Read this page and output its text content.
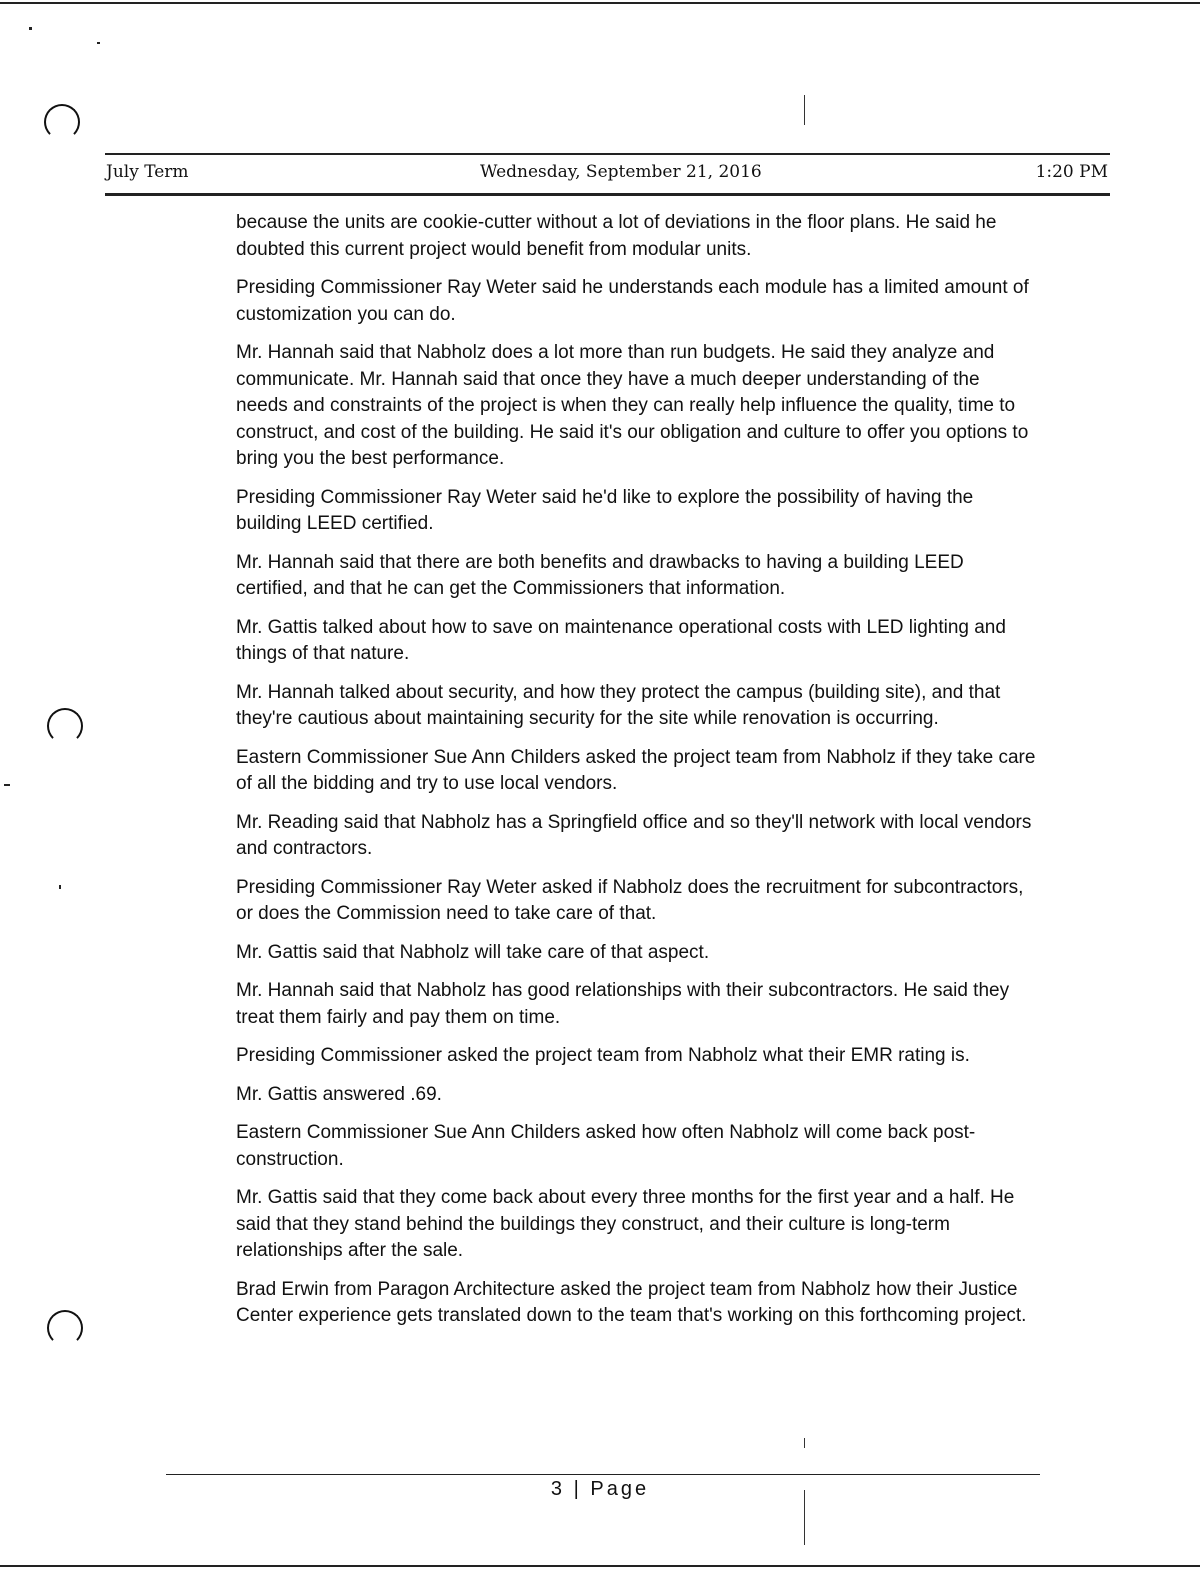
July Term	Wednesday, September 21, 2016	1:20 PM

because the units are cookie-cutter without a lot of deviations in the floor plans. He said he doubted this current project would benefit from modular units.

Presiding Commissioner Ray Weter said he understands each module has a limited amount of customization you can do.

Mr. Hannah said that Nabholz does a lot more than run budgets. He said they analyze and communicate. Mr. Hannah said that once they have a much deeper understanding of the needs and constraints of the project is when they can really help influence the quality, time to construct, and cost of the building. He said it's our obligation and culture to offer you options to bring you the best performance.

Presiding Commissioner Ray Weter said he'd like to explore the possibility of having the building LEED certified.

Mr. Hannah said that there are both benefits and drawbacks to having a building LEED certified, and that he can get the Commissioners that information.

Mr. Gattis talked about how to save on maintenance operational costs with LED lighting and things of that nature.

Mr. Hannah talked about security, and how they protect the campus (building site), and that they're cautious about maintaining security for the site while renovation is occurring.

Eastern Commissioner Sue Ann Childers asked the project team from Nabholz if they take care of all the bidding and try to use local vendors.

Mr. Reading said that Nabholz has a Springfield office and so they'll network with local vendors and contractors.

Presiding Commissioner Ray Weter asked if Nabholz does the recruitment for subcontractors, or does the Commission need to take care of that.

Mr. Gattis said that Nabholz will take care of that aspect.

Mr. Hannah said that Nabholz has good relationships with their subcontractors. He said they treat them fairly and pay them on time.

Presiding Commissioner asked the project team from Nabholz what their EMR rating is.

Mr. Gattis answered .69.

Eastern Commissioner Sue Ann Childers asked how often Nabholz will come back post-construction.

Mr. Gattis said that they come back about every three months for the first year and a half. He said that they stand behind the buildings they construct, and their culture is long-term relationships after the sale.

Brad Erwin from Paragon Architecture asked the project team from Nabholz how their Justice Center experience gets translated down to the team that's working on this forthcoming project.

3 | Page
